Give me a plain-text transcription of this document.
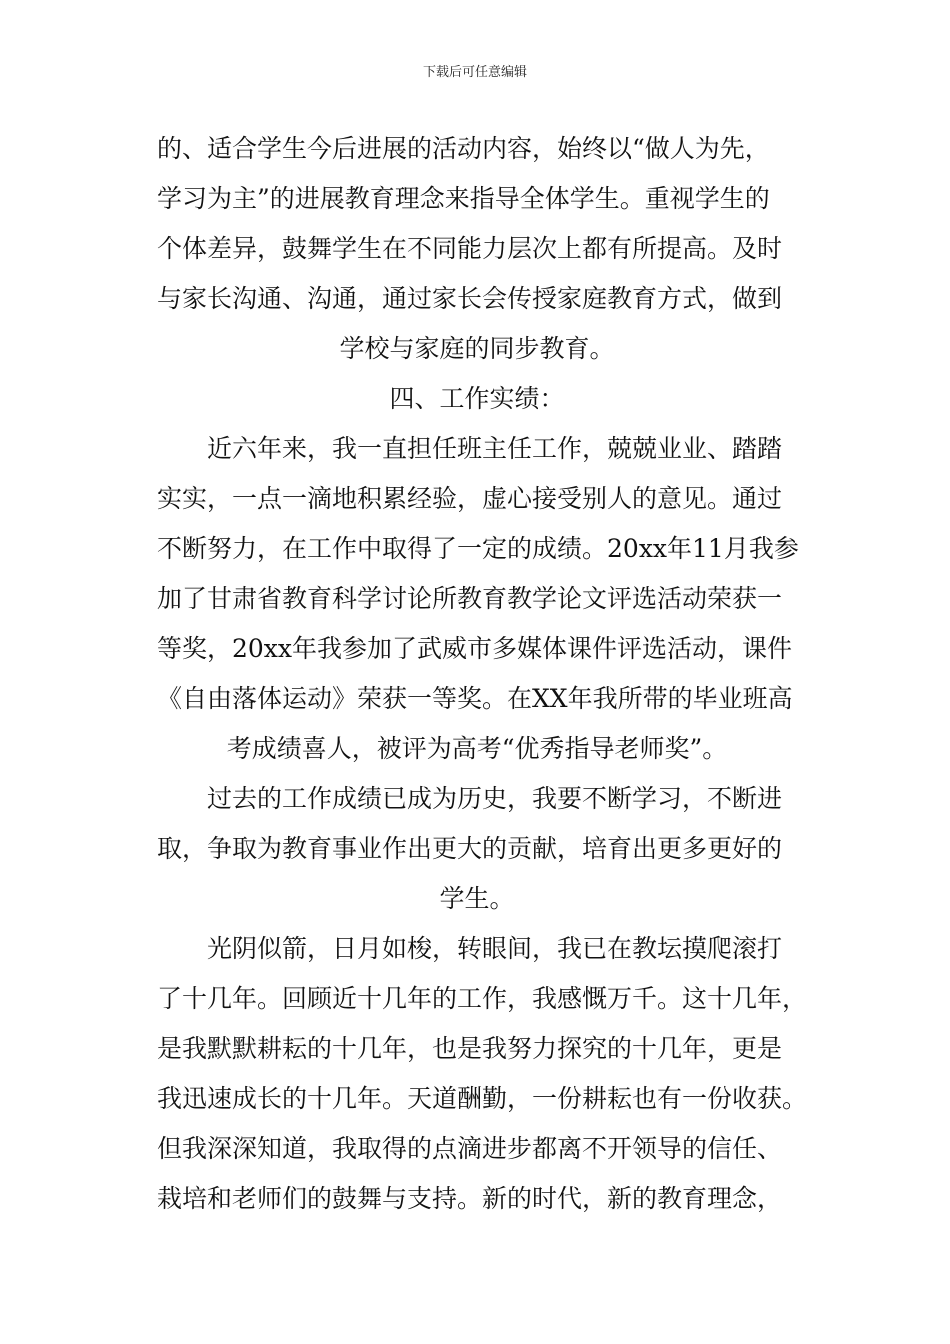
下载后可任意编辑
的、适合学生今后进展的活动内容，始终以“做人为先，
学习为主”的进展教育理念来指导全体学生。重视学生的
个体差异，鼓舞学生在不同能力层次上都有所提高。及时
与家长沟通、沟通，通过家长会传授家庭教育方式，做到
学校与家庭的同步教育。
四、工作实绩：
近六年来，我一直担任班主任工作，兢兢业业、踏踏
实实，一点一滴地积累经验，虚心接受别人的意见。通过
不断努力，在工作中取得了一定的成绩。20xx年11月我参
加了甘肃省教育科学讨论所教育教学论文评选活动荣获一
等奖，20xx年我参加了武威市多媒体课件评选活动，课件
《自由落体运动》荣获一等奖。在XX年我所带的毕业班高
考成绩喜人，被评为高考“优秀指导老师奖”。
过去的工作成绩已成为历史，我要不断学习，不断进
取，争取为教育事业作出更大的贡献，培育出更多更好的
学生。
光阴似箭，日月如梭，转眼间，我已在教坛摸爬滚打
了十几年。回顾近十几年的工作，我感慨万千。这十几年，
是我默默耕耘的十几年，也是我努力探究的十几年，更是
我迅速成长的十几年。天道酬勤，一份耕耘也有一份收获。
但我深深知道，我取得的点滴进步都离不开领导的信任、
栽培和老师们的鼓舞与支持。新的时代，新的教育理念，
